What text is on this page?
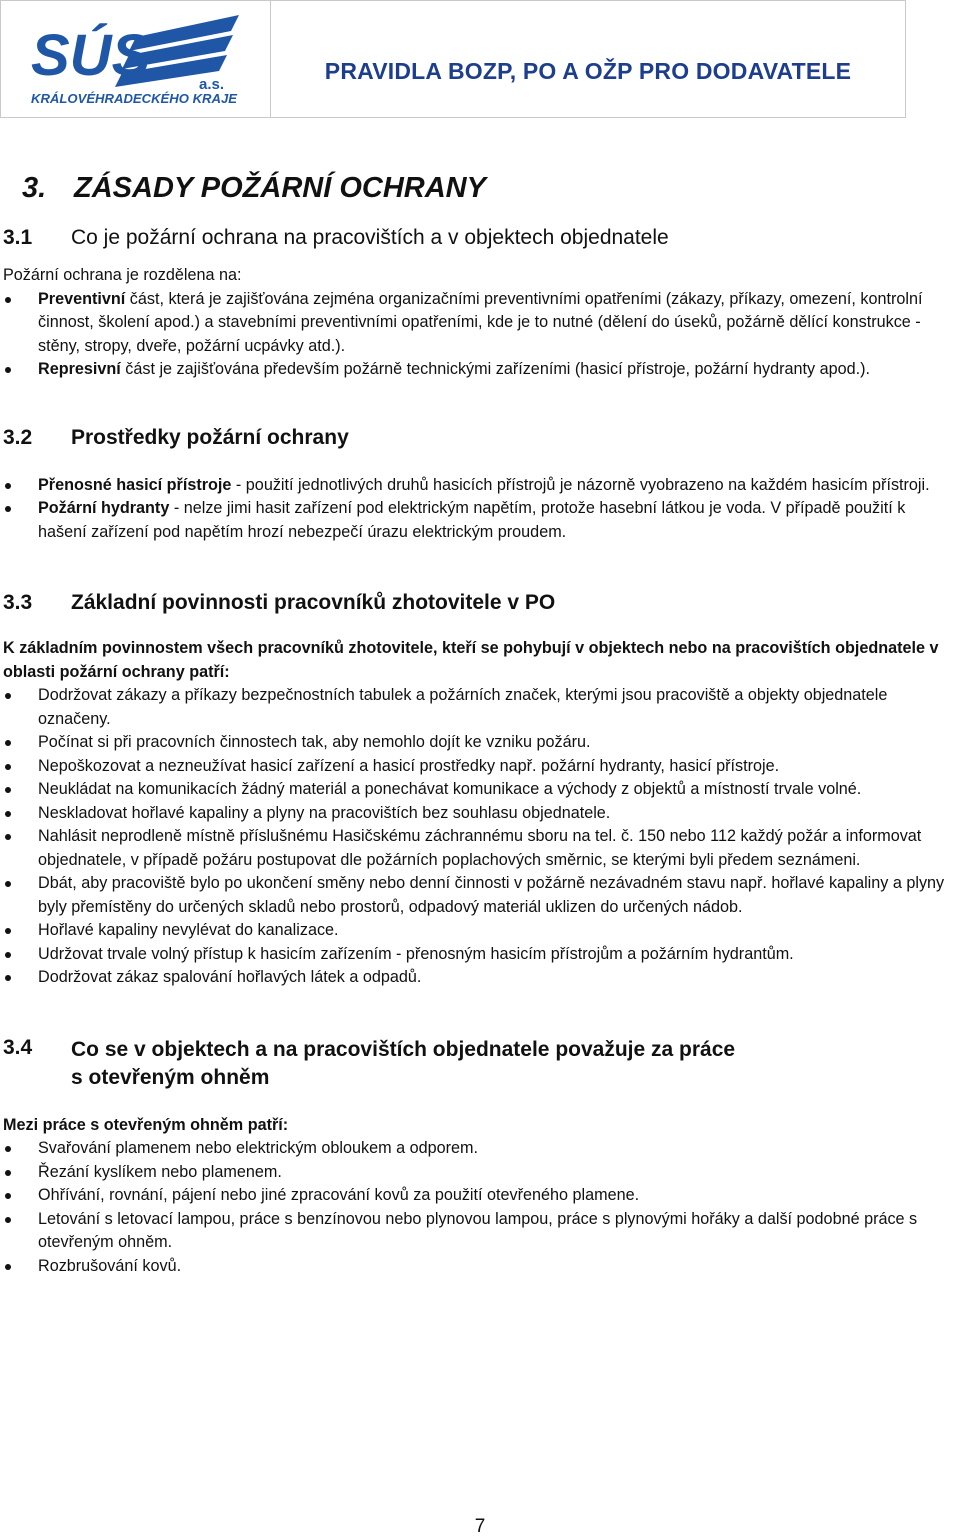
SÚS	a.s.
KRÁLOVÉHRADECKÉHO KRAJE
PRAVIDLA BOZP, PO A OŽP PRO DODAVATELE
3. ZÁSADY POŽÁRNÍ OCHRANY
3.1	Co je požární ochrana na pracovištích a v objektech objednatele
Požární ochrana je rozdělena na:
Preventivní část, která je zajišťována zejména organizačními preventivními opatřeními (zákazy, příkazy, omezení, kontrolní činnost, školení apod.) a stavebními preventivními opatřeními, kde je to nutné (dělení do úseků, požárně dělící konstrukce - stěny, stropy, dveře, požární ucpávky atd.).
Represivní část je zajišťována především požárně technickými zařízeními (hasicí přístroje, požární hydranty apod.).
3.2	Prostředky požární ochrany
Přenosné hasicí přístroje - použití jednotlivých druhů hasicích přístrojů je názorně vyobrazeno na každém hasicím přístroji.
Požární hydranty - nelze jimi hasit zařízení pod elektrickým napětím, protože hasební látkou je voda. V případě použití k hašení zařízení pod napětím hrozí nebezpečí úrazu elektrickým proudem.
3.3	Základní povinnosti pracovníků zhotovitele v PO
K základním povinnostem všech pracovníků zhotovitele, kteří se pohybují v objektech nebo na pracovištích objednatele v oblasti požární ochrany patří:
Dodržovat zákazy a příkazy bezpečnostních tabulek a požárních značek, kterými jsou pracoviště a objekty objednatele označeny.
Počínat si při pracovních činnostech tak, aby nemohlo dojít ke vzniku požáru.
Nepoškozovat a nezneužívat hasicí zařízení a hasicí prostředky např. požární hydranty, hasicí přístroje.
Neukládat na komunikacích žádný materiál a ponechávat komunikace a východy z objektů a místností trvale volné.
Neskladovat hořlavé kapaliny a plyny na pracovištích bez souhlasu objednatele.
Nahlásit neprodleně místně příslušnému Hasičskému záchrannému sboru na tel. č. 150 nebo 112 každý požár a informovat objednatele, v případě požáru postupovat dle požárních poplachových směrnic, se kterými byli předem seznámeni.
Dbát, aby pracoviště bylo po ukončení směny nebo denní činnosti v požárně nezávadném stavu např. hořlavé kapaliny a plyny byly přemístěny do určených skladů nebo prostorů, odpadový materiál uklizen do určených nádob.
Hořlavé kapaliny nevylévat do kanalizace.
Udržovat trvale volný přístup k hasicím zařízením - přenosným hasicím přístrojům a požárním hydrantům.
Dodržovat zákaz spalování hořlavých látek a odpadů.
3.4	Co se v objektech a na pracovištích objednatele považuje za práce
s otevřeným ohněm
Mezi práce s otevřeným ohněm patří:
Svařování plamenem nebo elektrickým obloukem a odporem.
Řezání kyslíkem nebo plamenem.
Ohřívání, rovnání, pájení nebo jiné zpracování kovů za použití otevřeného plamene.
Letování s letovací lampou, práce s benzínovou nebo plynovou lampou, práce s plynovými hořáky a další podobné práce s otevřeným ohněm.
Rozbrušování kovů.
7
